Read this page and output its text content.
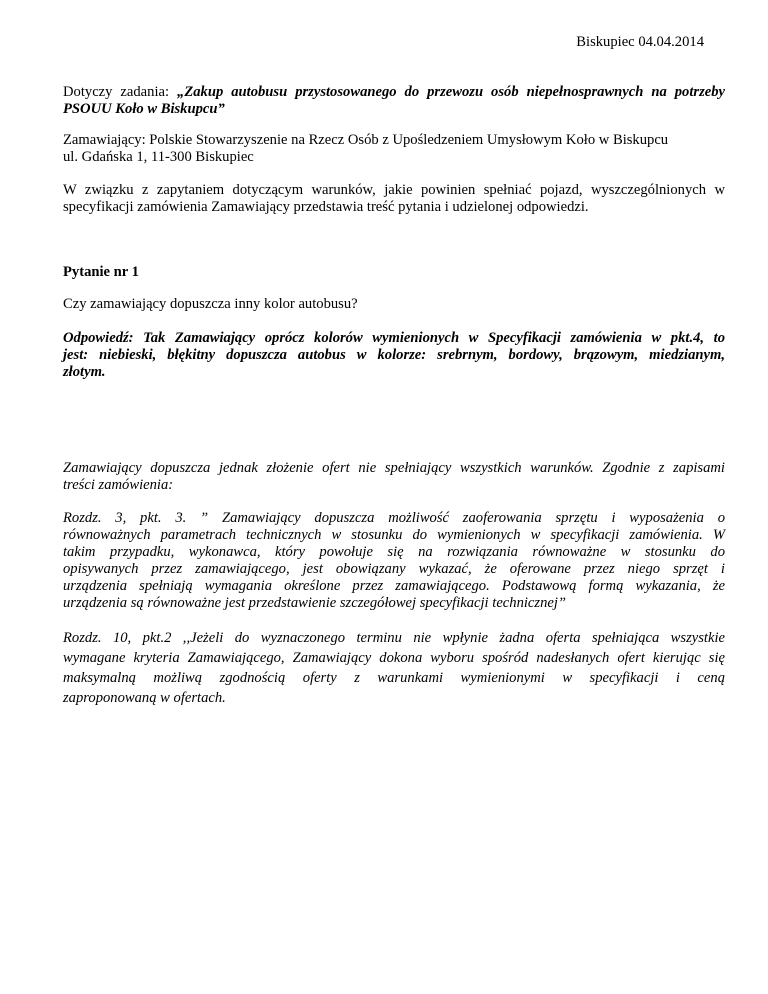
Biskupiec 04.04.2014

Dotyczy zadania: „Zakup autobusu przystosowanego do przewozu osób niepełnosprawnych na potrzeby
PSOUU Koło w Biskupcu”
Zamawiający: Polskie Stowarzyszenie na Rzecz Osób z Upośledzeniem Umysłowym Koło w Biskupcu
ul. Gdańska 1, 11-300 Biskupiec
W związku z zapytaniem dotyczącym warunków, jakie powinien spełniać pojazd, wyszczególnionych w
specyfikacji zamówienia Zamawiający przedstawia treść pytania i udzielonej odpowiedzi.
Pytanie nr 1
Czy zamawiający dopuszcza inny kolor autobusu?
Odpowiedź: Tak Zamawiający oprócz kolorów wymienionych w Specyfikacji zamówienia w pkt.4, to
jest: niebieski, błękitny dopuszcza autobus w kolorze: srebrnym, bordowy, brązowym, miedzianym,
złotym.
Zamawiający dopuszcza jednak złożenie ofert nie spełniający wszystkich warunków. Zgodnie z zapisami
treści zamówienia:
Rozdz. 3, pkt. 3. ” Zamawiający dopuszcza możliwość zaoferowania sprzętu i wyposażenia o
równoważnych parametrach technicznych w stosunku do wymienionych w specyfikacji zamówienia. W
takim przypadku, wykonawca, który powołuje się na rozwiązania równoważne w stosunku do
opisywanych przez zamawiającego, jest obowiązany wykazać, że oferowane przez niego sprzęt i
urządzenia spełniają wymagania określone przez zamawiającego. Podstawową formą wykazania, że
urządzenia są równoważne jest przedstawienie szczegółowej specyfikacji technicznej”
Rozdz. 10, pkt.2 ,,Jeżeli do wyznaczonego terminu nie wpłynie żadna oferta spełniająca wszystkie
wymagane kryteria Zamawiającego, Zamawiający dokona wyboru spośród nadesłanych ofert kierując się
maksymalną możliwą zgodnością oferty z warunkami wymienionymi w specyfikacji i ceną
zaproponowaną w ofertach.
